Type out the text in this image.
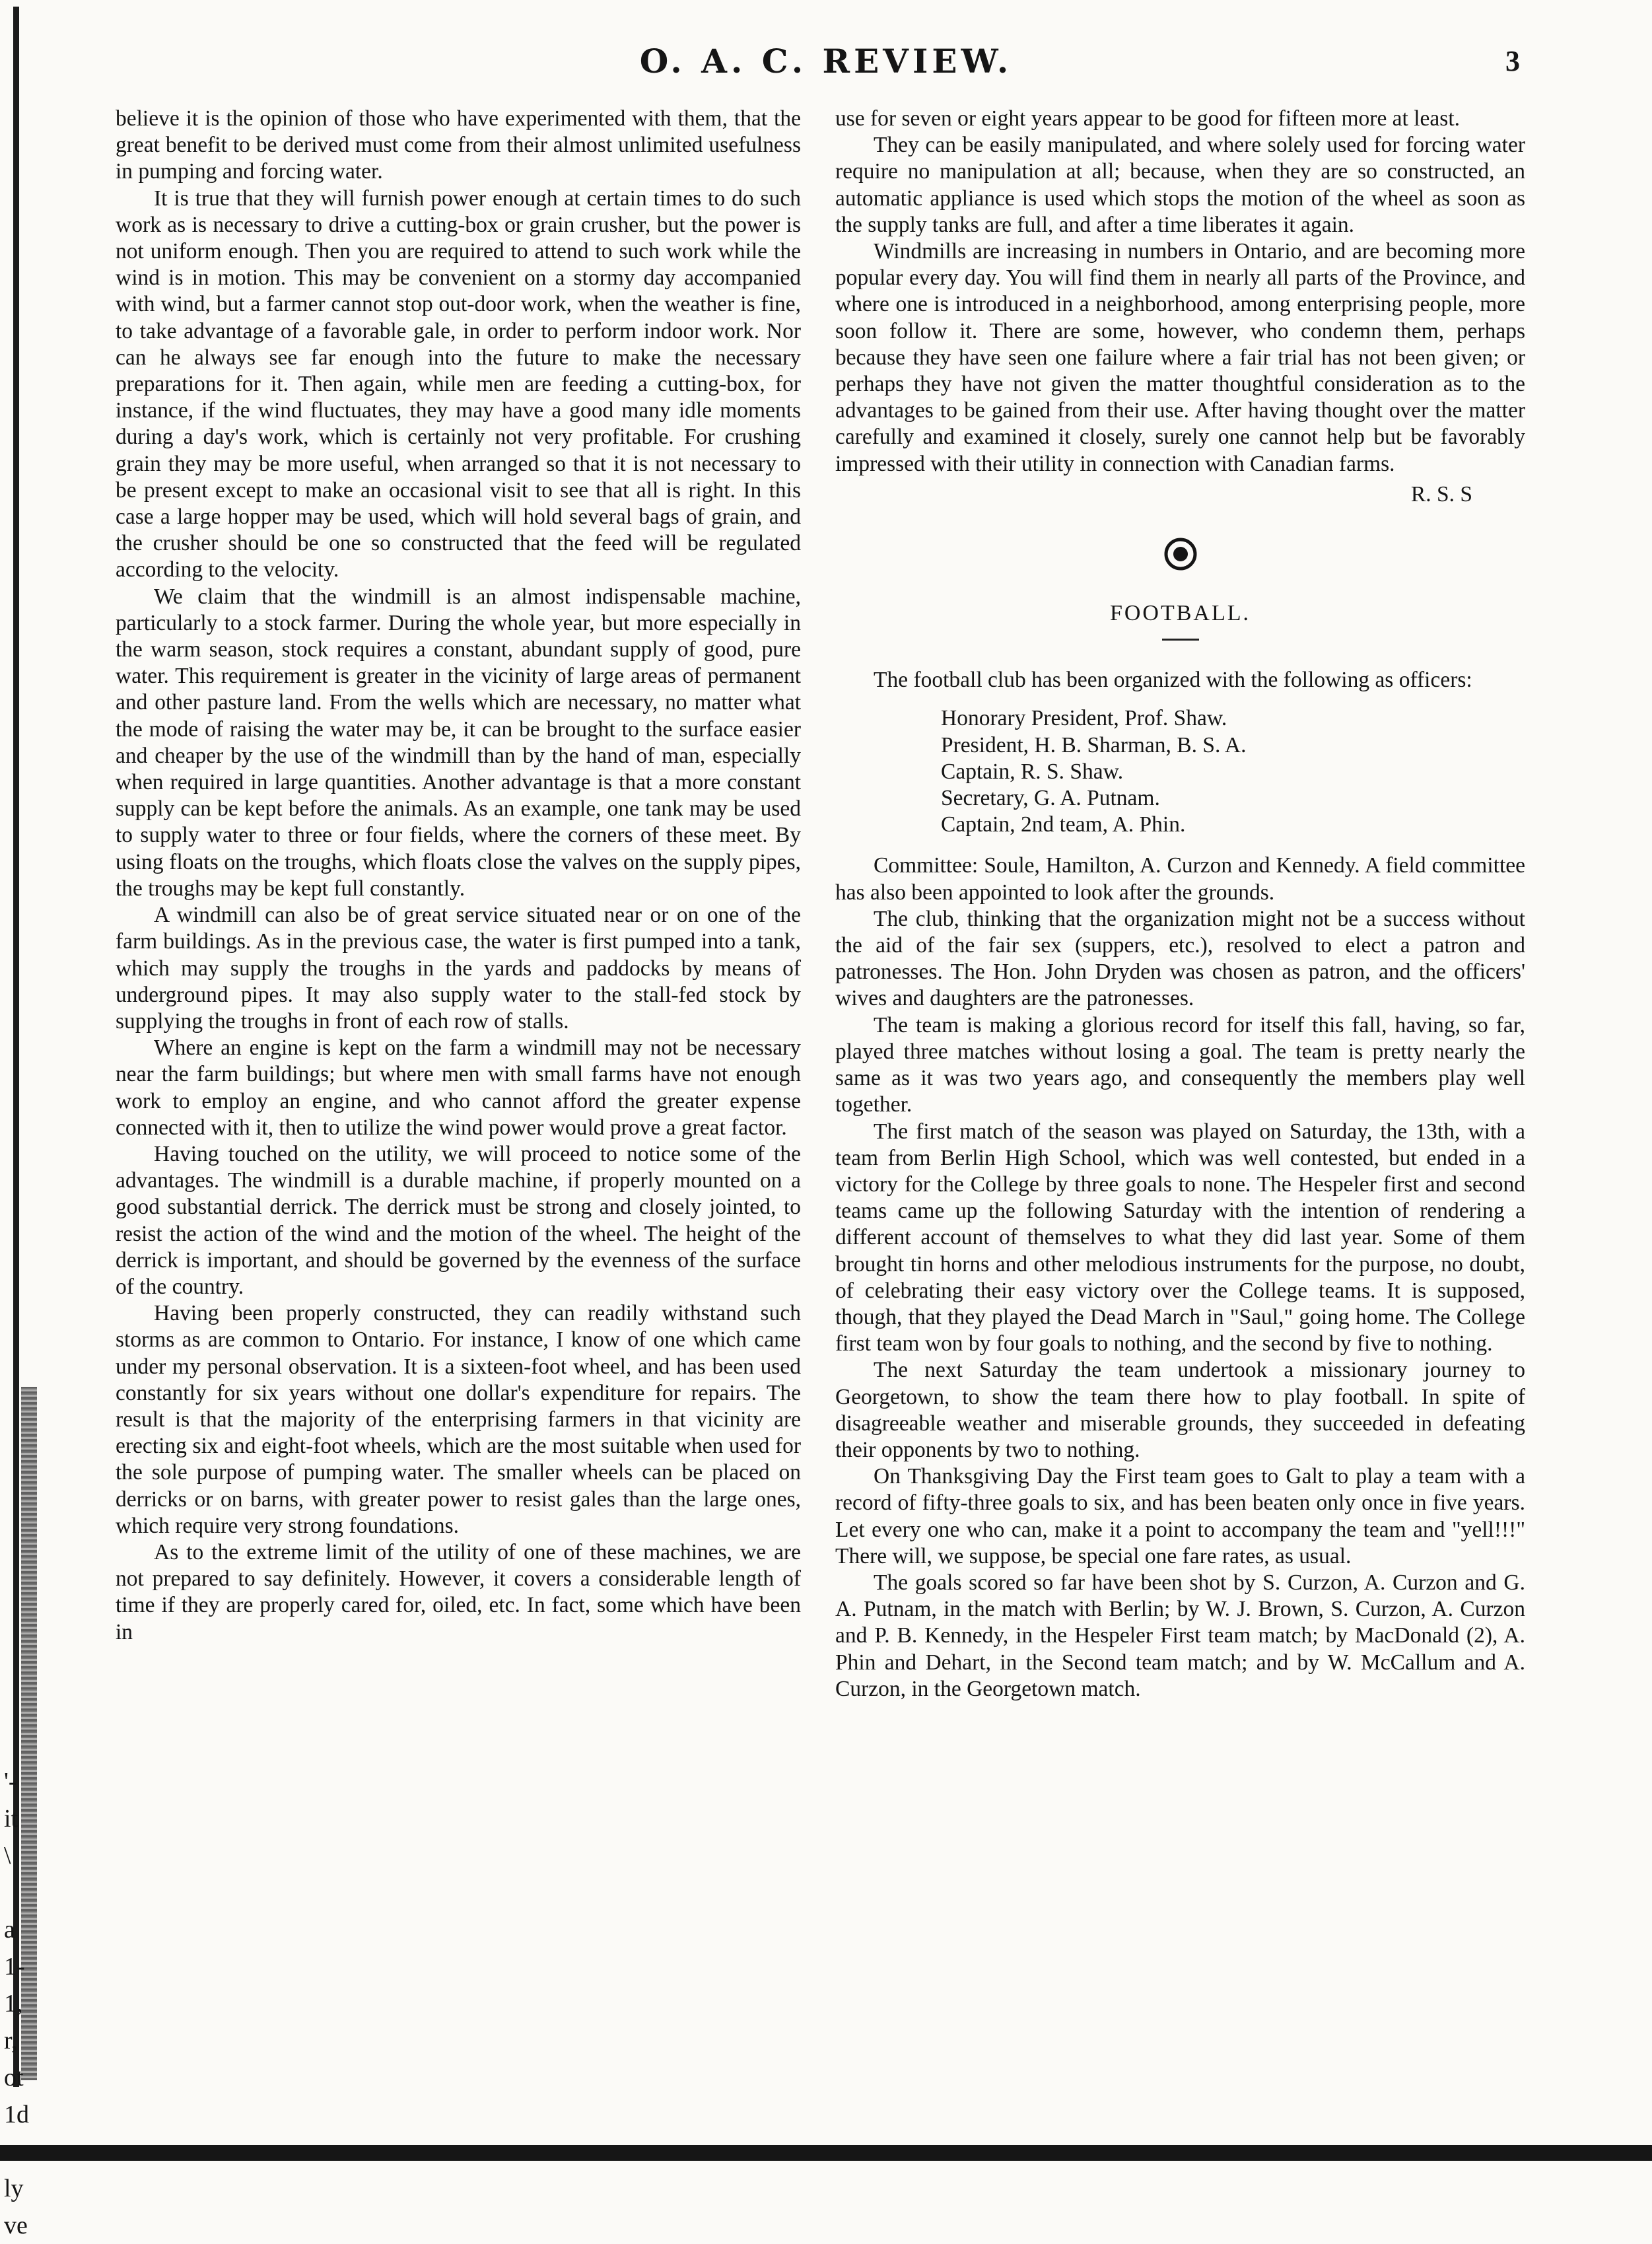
'-
it
\
a
1-
1,
r,
ot
1d
ly
ve
O. A. C. REVIEW.	3

believe it is the opinion of those who have experimented with them, that the great benefit to be derived must come from their almost unlimited usefulness in pumping and forcing water.

It is true that they will furnish power enough at certain times to do such work as is necessary to drive a cutting-box or grain crusher, but the power is not uniform enough. Then you are required to attend to such work while the wind is in motion. This may be convenient on a stormy day accompanied with wind, but a farmer cannot stop out-door work, when the weather is fine, to take advantage of a favorable gale, in order to perform indoor work. Nor can he always see far enough into the future to make the necessary preparations for it. Then again, while men are feeding a cutting-box, for instance, if the wind fluctuates, they may have a good many idle moments during a day's work, which is certainly not very profitable. For crushing grain they may be more useful, when arranged so that it is not necessary to be present except to make an occasional visit to see that all is right. In this case a large hopper may be used, which will hold several bags of grain, and the crusher should be one so constructed that the feed will be regulated according to the velocity.

We claim that the windmill is an almost indispensable machine, particularly to a stock farmer. During the whole year, but more especially in the warm season, stock requires a constant, abundant supply of good, pure water. This requirement is greater in the vicinity of large areas of permanent and other pasture land. From the wells which are necessary, no matter what the mode of raising the water may be, it can be brought to the surface easier and cheaper by the use of the windmill than by the hand of man, especially when required in large quantities. Another advantage is that a more constant supply can be kept before the animals. As an example, one tank may be used to supply water to three or four fields, where the corners of these meet. By using floats on the troughs, which floats close the valves on the supply pipes, the troughs may be kept full constantly.

A windmill can also be of great service situated near or on one of the farm buildings. As in the previous case, the water is first pumped into a tank, which may supply the troughs in the yards and paddocks by means of underground pipes. It may also supply water to the stall-fed stock by supplying the troughs in front of each row of stalls.

Where an engine is kept on the farm a windmill may not be necessary near the farm buildings; but where men with small farms have not enough work to employ an engine, and who cannot afford the greater expense connected with it, then to utilize the wind power would prove a great factor.

Having touched on the utility, we will proceed to notice some of the advantages. The windmill is a durable machine, if properly mounted on a good substantial derrick. The derrick must be strong and closely jointed, to resist the action of the wind and the motion of the wheel. The height of the derrick is important, and should be governed by the evenness of the surface of the country.

Having been properly constructed, they can readily withstand such storms as are common to Ontario. For instance, I know of one which came under my personal observation. It is a sixteen-foot wheel, and has been used constantly for six years without one dollar's expenditure for repairs. The result is that the majority of the enterprising farmers in that vicinity are erecting six and eight-foot wheels, which are the most suitable when used for the sole purpose of pumping water. The smaller wheels can be placed on derricks or on barns, with greater power to resist gales than the large ones, which require very strong foundations.

As to the extreme limit of the utility of one of these machines, we are not prepared to say definitely. However, it covers a considerable length of time if they are properly cared for, oiled, etc. In fact, some which have been in

use for seven or eight years appear to be good for fifteen more at least.

They can be easily manipulated, and where solely used for forcing water require no manipulation at all; because, when they are so constructed, an automatic appliance is used which stops the motion of the wheel as soon as the supply tanks are full, and after a time liberates it again.

Windmills are increasing in numbers in Ontario, and are becoming more popular every day. You will find them in nearly all parts of the Province, and where one is introduced in a neighborhood, among enterprising people, more soon follow it. There are some, however, who condemn them, perhaps because they have seen one failure where a fair trial has not been given; or perhaps they have not given the matter thoughtful consideration as to the advantages to be gained from their use. After having thought over the matter carefully and examined it closely, surely one cannot help but be favorably impressed with their utility in connection with Canadian farms.

R. S. S
FOOTBALL.

The football club has been organized with the following as officers:

Honorary President, Prof. Shaw.
President, H. B. Sharman, B. S. A.
Captain, R. S. Shaw.
Secretary, G. A. Putnam.
Captain, 2nd team, A. Phin.

Committee: Soule, Hamilton, A. Curzon and Kennedy. A field committee has also been appointed to look after the grounds.

The club, thinking that the organization might not be a success without the aid of the fair sex (suppers, etc.), resolved to elect a patron and patronesses. The Hon. John Dryden was chosen as patron, and the officers' wives and daughters are the patronesses.

The team is making a glorious record for itself this fall, having, so far, played three matches without losing a goal. The team is pretty nearly the same as it was two years ago, and consequently the members play well together.

The first match of the season was played on Saturday, the 13th, with a team from Berlin High School, which was well contested, but ended in a victory for the College by three goals to none. The Hespeler first and second teams came up the following Saturday with the intention of rendering a different account of themselves to what they did last year. Some of them brought tin horns and other melodious instruments for the purpose, no doubt, of celebrating their easy victory over the College teams. It is supposed, though, that they played the Dead March in "Saul," going home. The College first team won by four goals to nothing, and the second by five to nothing.

The next Saturday the team undertook a missionary journey to Georgetown, to show the team there how to play football. In spite of disagreeable weather and miserable grounds, they succeeded in defeating their opponents by two to nothing.

On Thanksgiving Day the First team goes to Galt to play a team with a record of fifty-three goals to six, and has been beaten only once in five years. Let every one who can, make it a point to accompany the team and "yell!!!" There will, we suppose, be special one fare rates, as usual.

The goals scored so far have been shot by S. Curzon, A. Curzon and G. A. Putnam, in the match with Berlin; by W. J. Brown, S. Curzon, A. Curzon and P. B. Kennedy, in the Hespeler First team match; by MacDonald (2), A. Phin and Dehart, in the Second team match; and by W. McCallum and A. Curzon, in the Georgetown match.
